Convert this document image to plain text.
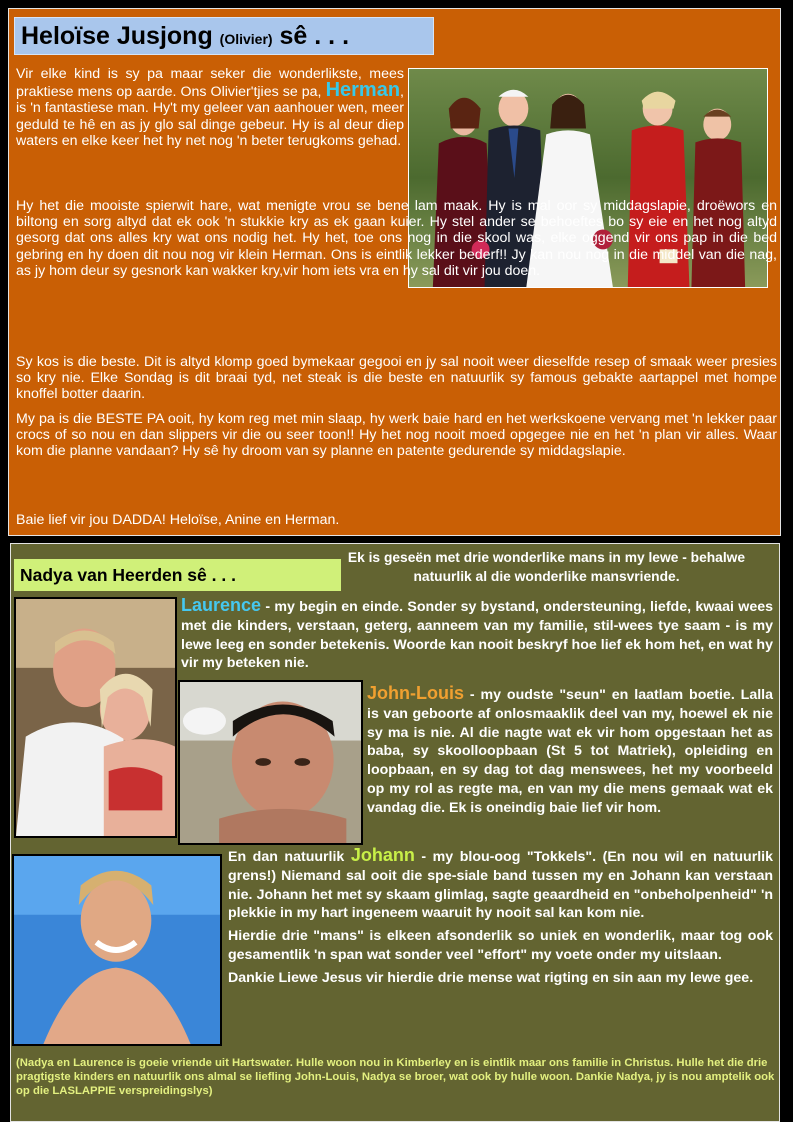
Heloïse Jusjong (Olivier) sê . . .

Vir elke kind is sy pa maar seker die wonderlikste, mees praktiese mens op aarde. Ons Olivier'tjies se pa, Herman, is 'n fantastiese man. Hy't my geleer van aanhouer wen, meer geduld te hê en as jy glo sal dinge gebeur. Hy is al deur diep waters en elke keer het hy net nog 'n beter terugkoms gehad.

Hy het die mooiste spierwit hare, wat menigte vrou se bene lam maak. Hy is mal oor sy middagslapie, droëwors en biltong en sorg altyd dat ek ook 'n stukkie kry as ek gaan kuier. Hy stel ander se behoeftes bo sy eie en het nog altyd gesorg dat ons alles kry wat ons nodig het. Hy het, toe ons nog in die skool was, elke oggend vir ons pap in die bed gebring en hy doen dit nou nog vir klein Herman. Ons is eintlik lekker bederf!! Jy kan nou nog in die middel van die nag, as jy hom deur sy gesnork kan wakker kry,vir hom iets vra en hy sal dit vir jou doen.

Sy kos is die beste. Dit is altyd klomp goed bymekaar gegooi en jy sal nooit weer dieselfde resep of smaak weer presies so kry nie. Elke Sondag is dit braai tyd, net steak is die beste en natuurlik sy famous gebakte aartappel met hompe knoffel botter daarin.

My pa is die BESTE PA ooit, hy kom reg met min slaap, hy werk baie hard en het werkskoene vervang met 'n lekker paar crocs of so nou en dan slippers vir die ou seer toon!! Hy het nog nooit moed opgegee nie en het 'n plan vir alles. Waar kom die planne vandaan? Hy sê hy droom van sy planne en patente gedurende sy middagslapie.

Baie lief vir jou DADDA! Heloïse, Anine en Herman.

Nadya van Heerden sê . . .
Ek is geseën met drie wonderlike mans in my lewe - behalwe natuurlik al die wonderlike mansvriende.

Laurence - my begin en einde. Sonder sy bystand, ondersteuning, liefde, kwaai wees met die kinders, verstaan, geterg, aanneem van my familie, stil-wees tye saam - is my lewe leeg en sonder betekenis. Woorde kan nooit beskryf hoe lief ek hom het, en wat hy vir my beteken nie.

John-Louis - my oudste "seun" en laatlam boetie. Lalla is van geboorte af onlosmaaklik deel van my, hoewel ek nie sy ma is nie. Al die nagte wat ek vir hom opgestaan het as baba, sy skoolloopbaan (St 5 tot Matriek), opleiding en loopbaan, en sy dag tot dag menswees, het my voorbeeld op my rol as regte ma, en van my die mens gemaak wat ek vandag die. Ek is oneindig baie lief vir hom.

En dan natuurlik Johann - my blou-oog "Tokkels". (En nou wil en natuurlik grens!) Niemand sal ooit die spe-siale band tussen my en Johann kan verstaan nie. Johann het met sy skaam glimlag, sagte geaardheid en "onbeholpenheid" 'n plekkie in my hart ingeneem waaruit hy nooit sal kan kom nie.

Hierdie drie "mans" is elkeen afsonderlik so uniek en wonderlik, maar tog ook gesamentlik 'n span wat sonder veel "effort" my voete onder my uitslaan.

Dankie Liewe Jesus vir hierdie drie mense wat rigting en sin aan my lewe gee.

(Nadya en Laurence is goeie vriende uit Hartswater. Hulle woon nou in Kimberley en is eintlik maar ons familie in Christus. Hulle het die drie pragtigste kinders en natuurlik ons almal se liefling John-Louis, Nadya se broer, wat ook by hulle woon. Dankie Nadya, jy is nou amptelik ook op die LASLAPPIE verspreidingslys)
